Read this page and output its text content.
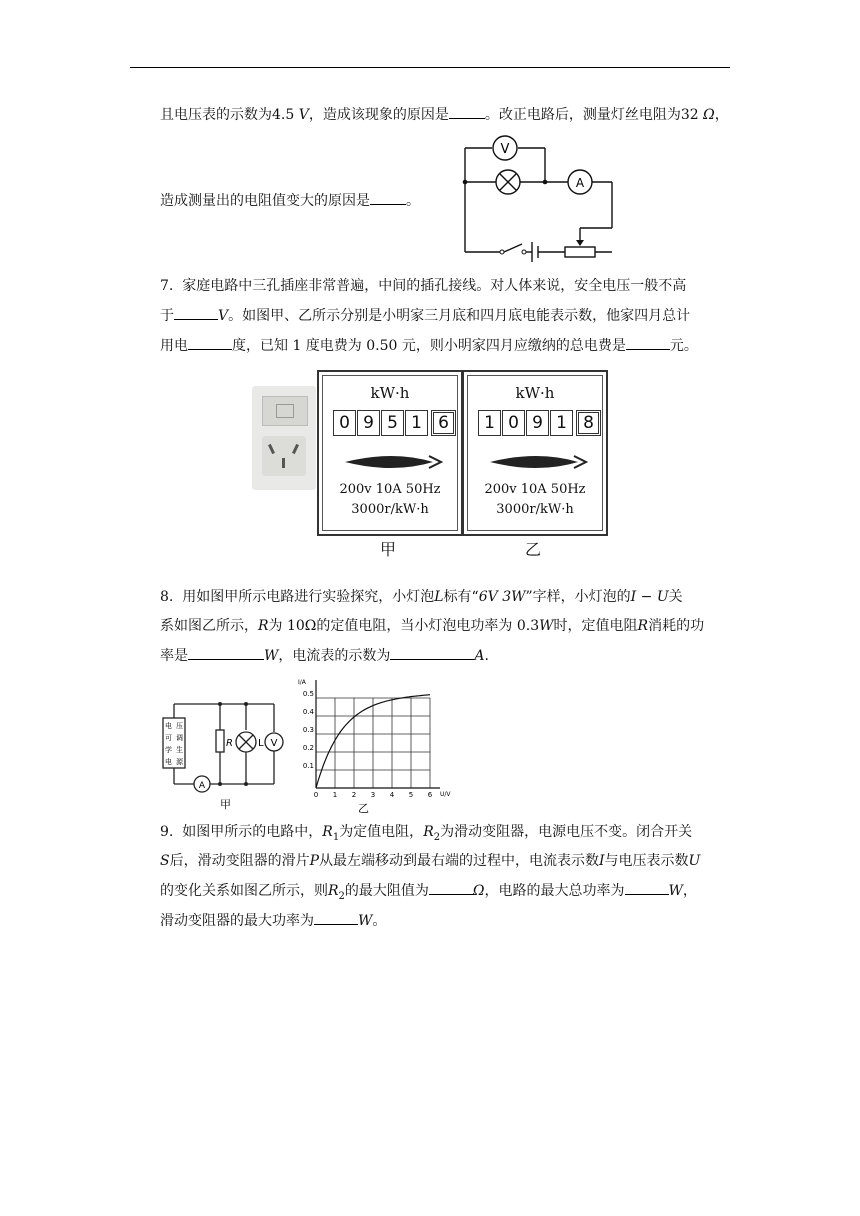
且电压表的示数为4.5 V，造成该现象的原因是	。改正电路后，测量灯丝电阻为32 Ω，
造成测量出的电阻值变大的原因是	。
V
A
7. 家庭电路中三孔插座非常普遍，中间的插孔接线。对人体来说，安全电压一般不高
于	V。如图甲、乙所示分别是小明家三月底和四月底电能表示数，他家四月总计
用电	度，已知 1 度电费为 0.50 元，则小明家四月应缴纳的总电费是	元。
kW·h
0 9 5 1 6
200v 10A 50Hz
3000r/kW·h
kW·h
1 0 9 1 8
200v 10A 50Hz
3000r/kW·h
甲	乙
8. 用如图甲所示电路进行实验探究，小灯泡L标有“6V 3W”字样，小灯泡的I − U关
系如图乙所示，R为 10Ω的定值电阻，当小灯泡电功率为 0.3W时，定值电阻R消耗的功
率是	W，电流表的示数为	A.
电 压
可 调
学 生
电 源
R	L V
A
甲
I/A
U/V
0.5
0.4
0.3
0.2
0.1
0 1 2 3 4 5 6
乙
9. 如图甲所示的电路中，$R_1$为定值电阻，$R_2$为滑动变阻器，电源电压不变。闭合开关
S后，滑动变阻器的滑片P从最左端移动到最右端的过程中，电流表示数I与电压表示数U
的变化关系如图乙所示，则$R_2$的最大阻值为	Ω，电路的最大总功率为	W，
滑动变阻器的最大功率为	W。
